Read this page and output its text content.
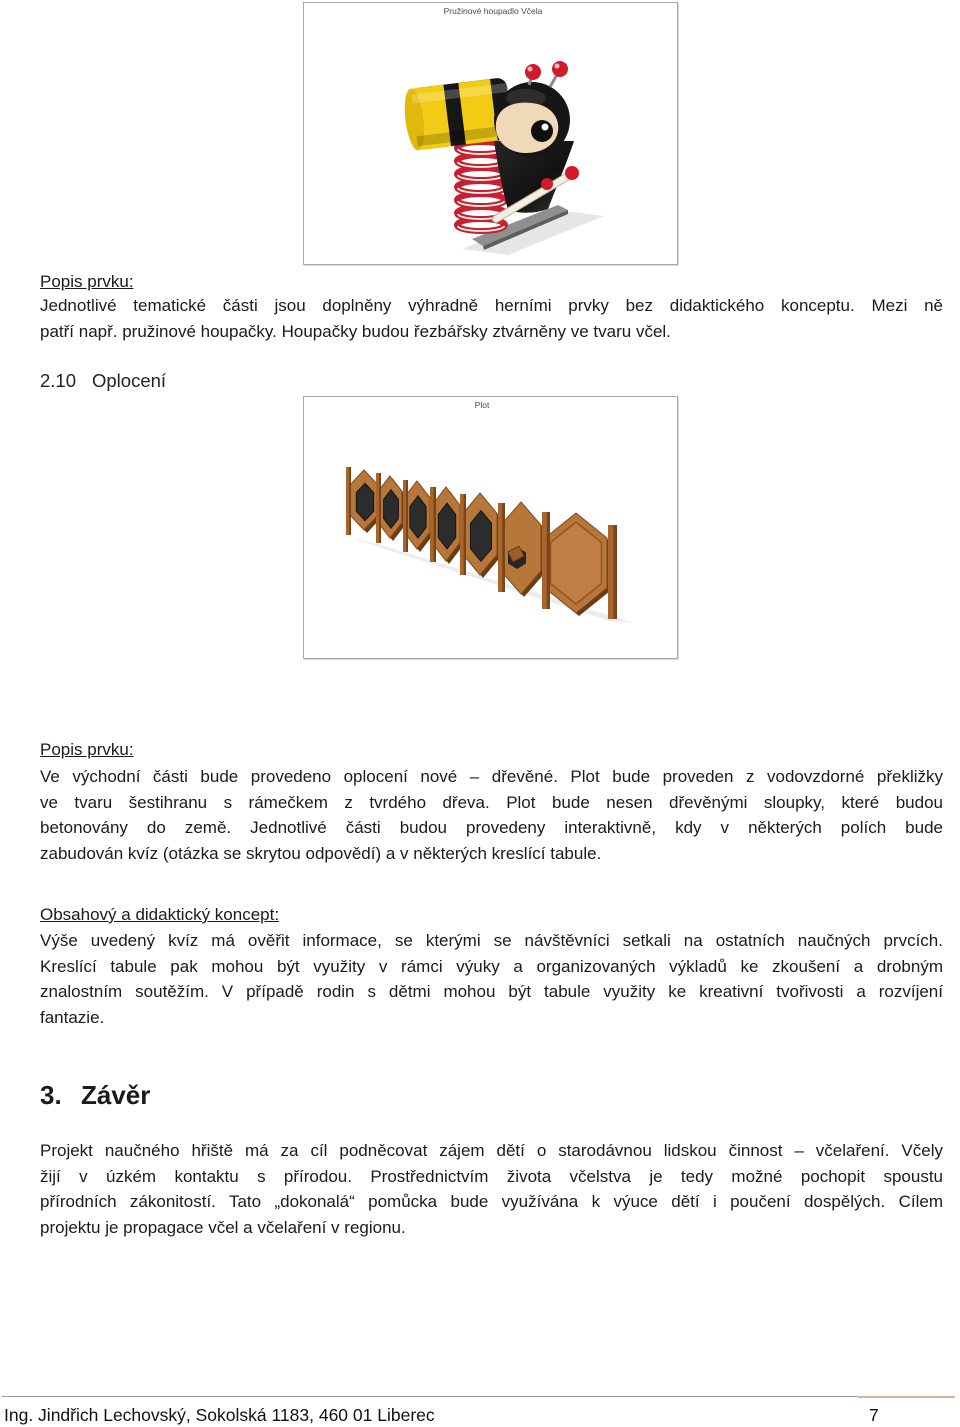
Pružinové houpadlo Včela
Popis prvku:
Jednotlivé tematické části jsou doplněny výhradně herními prvky bez didaktického konceptu. Mezi ně
patří např. pružinové houpačky. Houpačky budou řezbářsky ztvárněny ve tvaru včel.
2.10 Oplocení
Plot
Popis prvku:
Ve východní části bude provedeno oplocení nové – dřevěné. Plot bude proveden z vodovzdorné překližky
ve tvaru šestihranu s rámečkem z tvrdého dřeva. Plot bude nesen dřevěnými sloupky, které budou
betonovány do země. Jednotlivé části budou provedeny interaktivně, kdy v některých polích bude
zabudován kvíz (otázka se skrytou odpovědí) a v některých kreslící tabule.
Obsahový a didaktický koncept:
Výše uvedený kvíz má ověřit informace, se kterými se návštěvníci setkali na ostatních naučných prvcích.
Kreslící tabule pak mohou být využity v rámci výuky a organizovaných výkladů ke zkoušení a drobným
znalostním soutěžím. V případě rodin s dětmi mohou být tabule využity ke kreativní tvořivosti a rozvíjení
fantazie.
3. Závěr
Projekt naučného hřiště má za cíl podněcovat zájem dětí o starodávnou lidskou činnost – včelaření. Včely
žijí v úzkém kontaktu s přírodou. Prostřednictvím života včelstva je tedy možné pochopit spoustu
přírodních zákonitostí. Tato „dokonalá“ pomůcka bude využívána k výuce dětí i poučení dospělých. Cílem
projektu je propagace včel a včelaření v regionu.
Ing. Jindřich Lechovský, Sokolská 1183, 460 01 Liberec	7
